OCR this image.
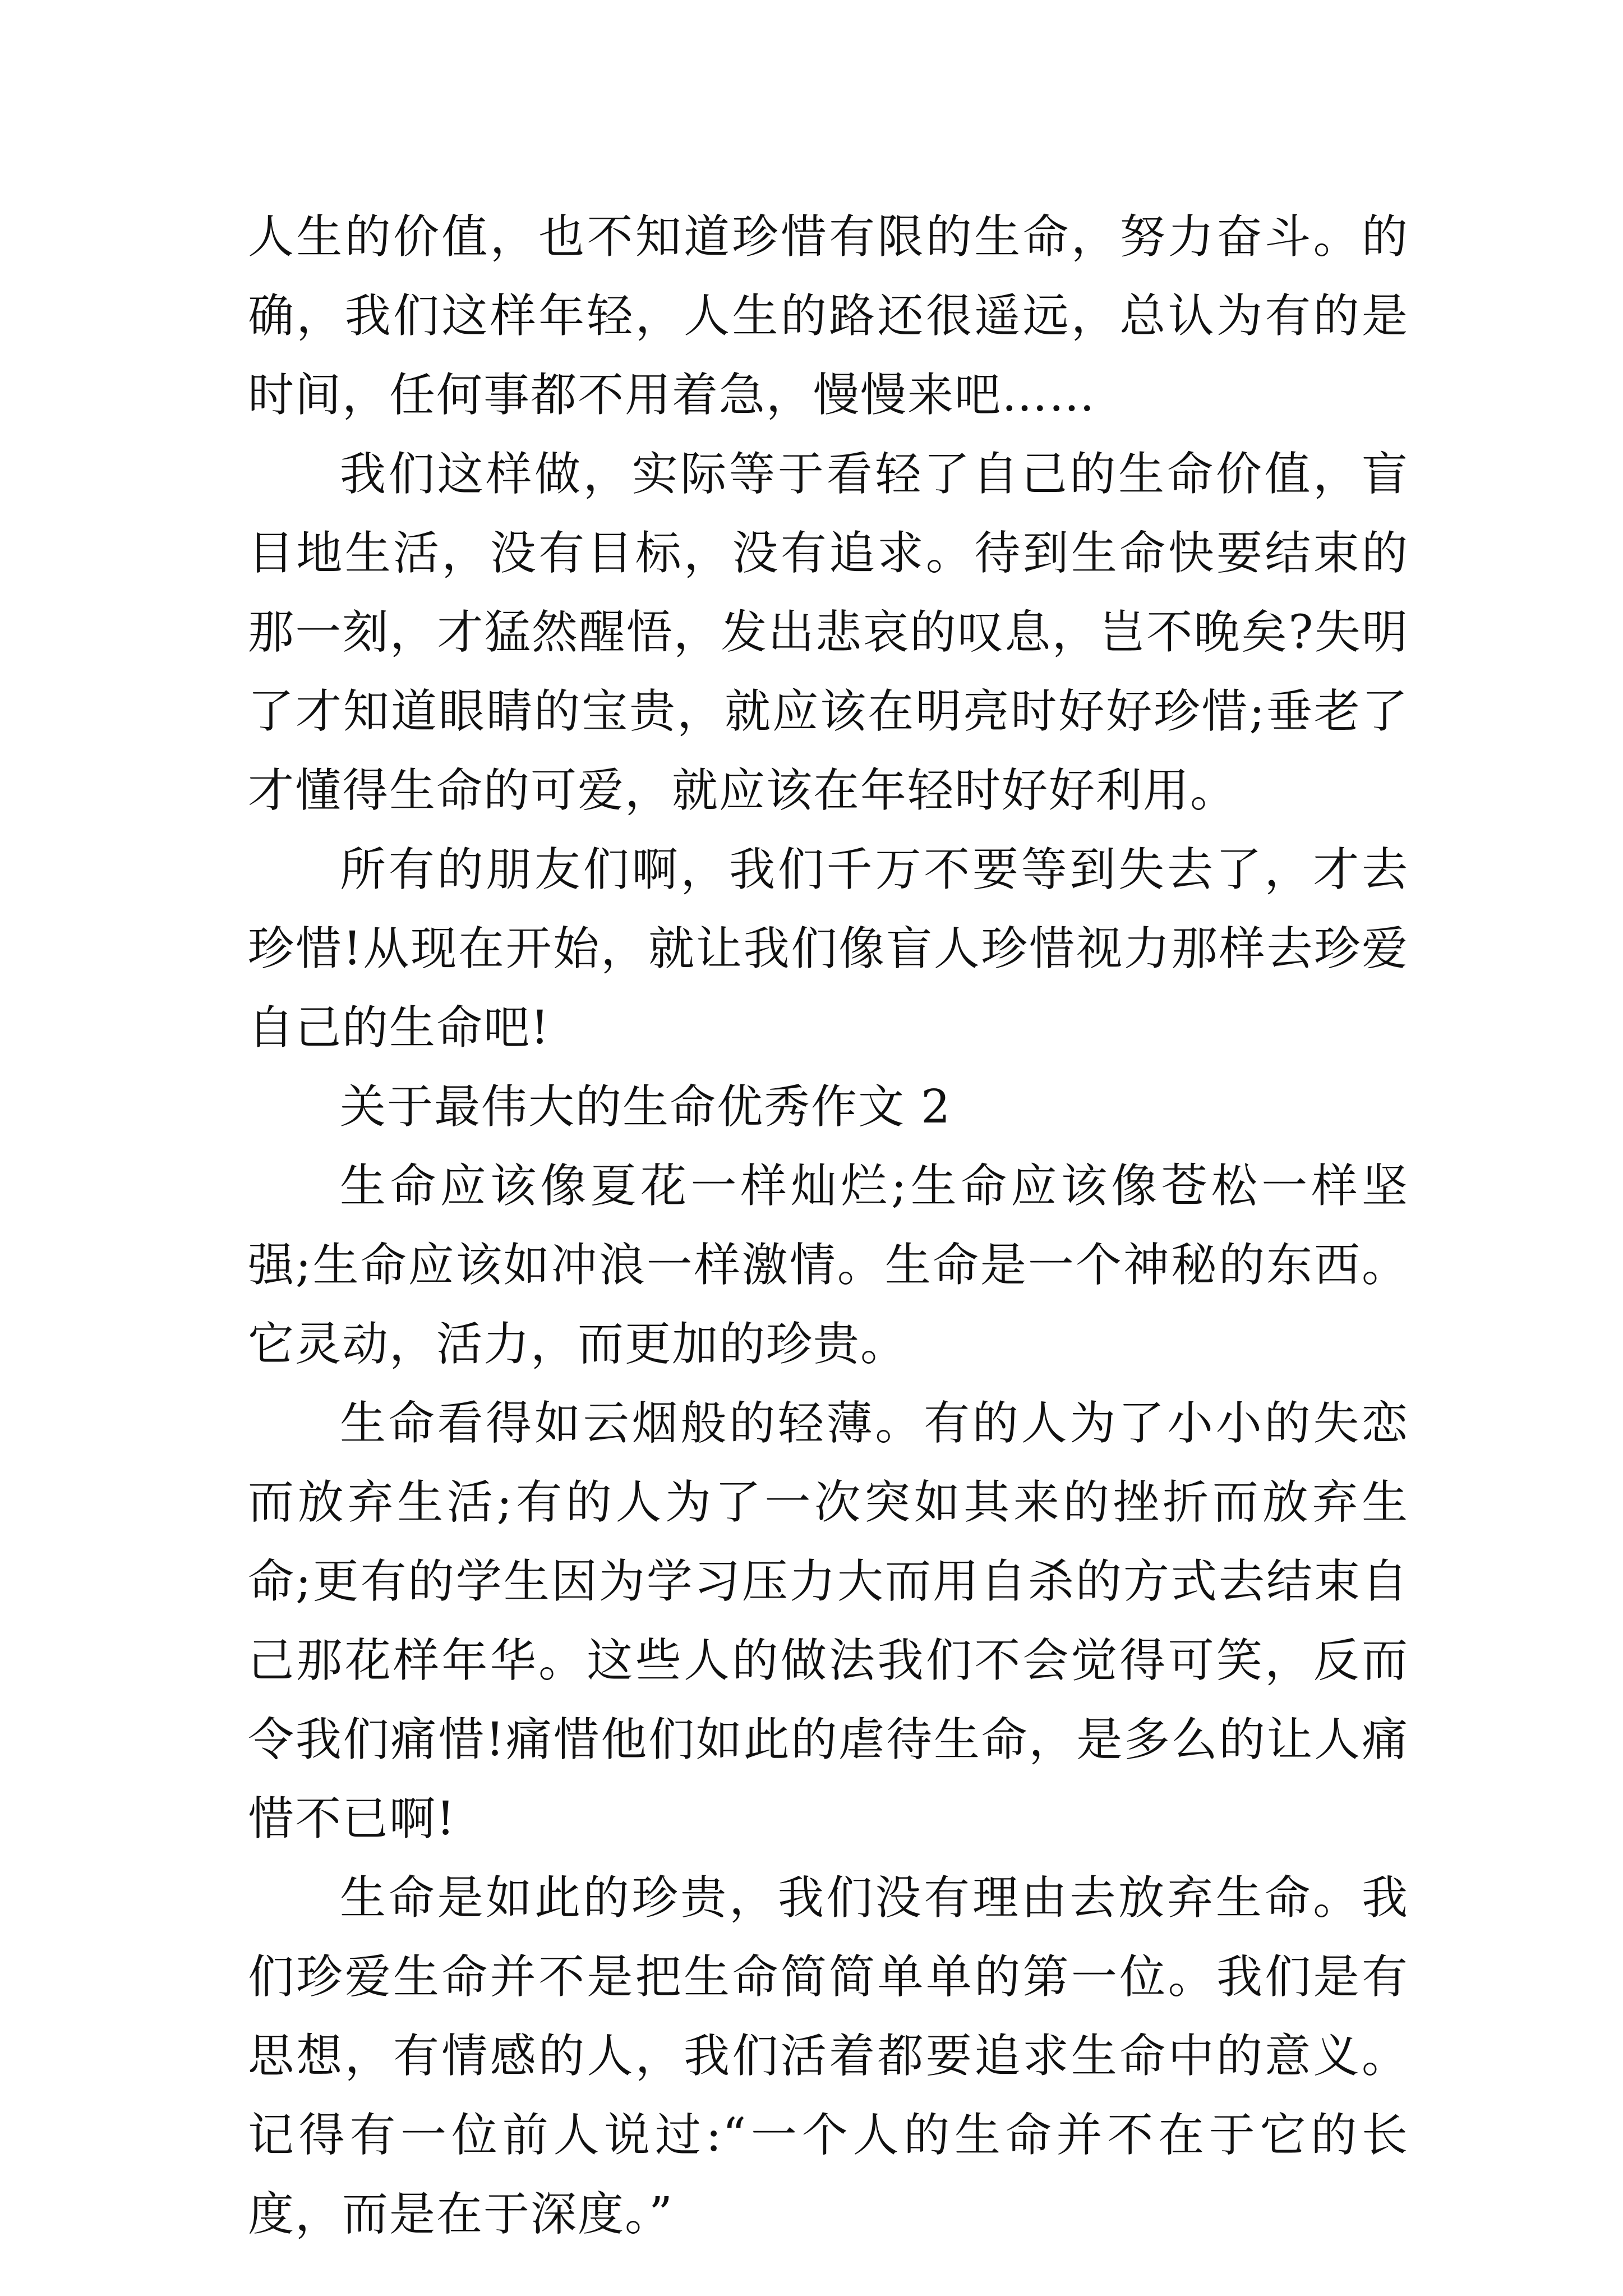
人生的价值，也不知道珍惜有限的生命，努力奋斗。的确，我们这样年轻，人生的路还很遥远，总认为有的是时间，任何事都不用着急，慢慢来吧……

我们这样做，实际等于看轻了自己的生命价值，盲目地生活，没有目标，没有追求。待到生命快要结束的那一刻，才猛然醒悟，发出悲哀的叹息，岂不晚矣?失明了才知道眼睛的宝贵，就应该在明亮时好好珍惜;垂老了才懂得生命的可爱，就应该在年轻时好好利用。

所有的朋友们啊，我们千万不要等到失去了，才去珍惜!从现在开始，就让我们像盲人珍惜视力那样去珍爱自己的生命吧!

关于最伟大的生命优秀作文 2

生命应该像夏花一样灿烂;生命应该像苍松一样坚强;生命应该如冲浪一样激情。生命是一个神秘的东西。它灵动，活力，而更加的珍贵。

生命看得如云烟般的轻薄。有的人为了小小的失恋而放弃生活;有的人为了一次突如其来的挫折而放弃生命;更有的学生因为学习压力大而用自杀的方式去结束自己那花样年华。这些人的做法我们不会觉得可笑，反而令我们痛惜!痛惜他们如此的虐待生命，是多么的让人痛惜不已啊!

生命是如此的珍贵，我们没有理由去放弃生命。我们珍爱生命并不是把生命简简单单的第一位。我们是有思想，有情感的人，我们活着都要追求生命中的意义。记得有一位前人说过:“一个人的生命并不在于它的长度，而是在于深度。”
